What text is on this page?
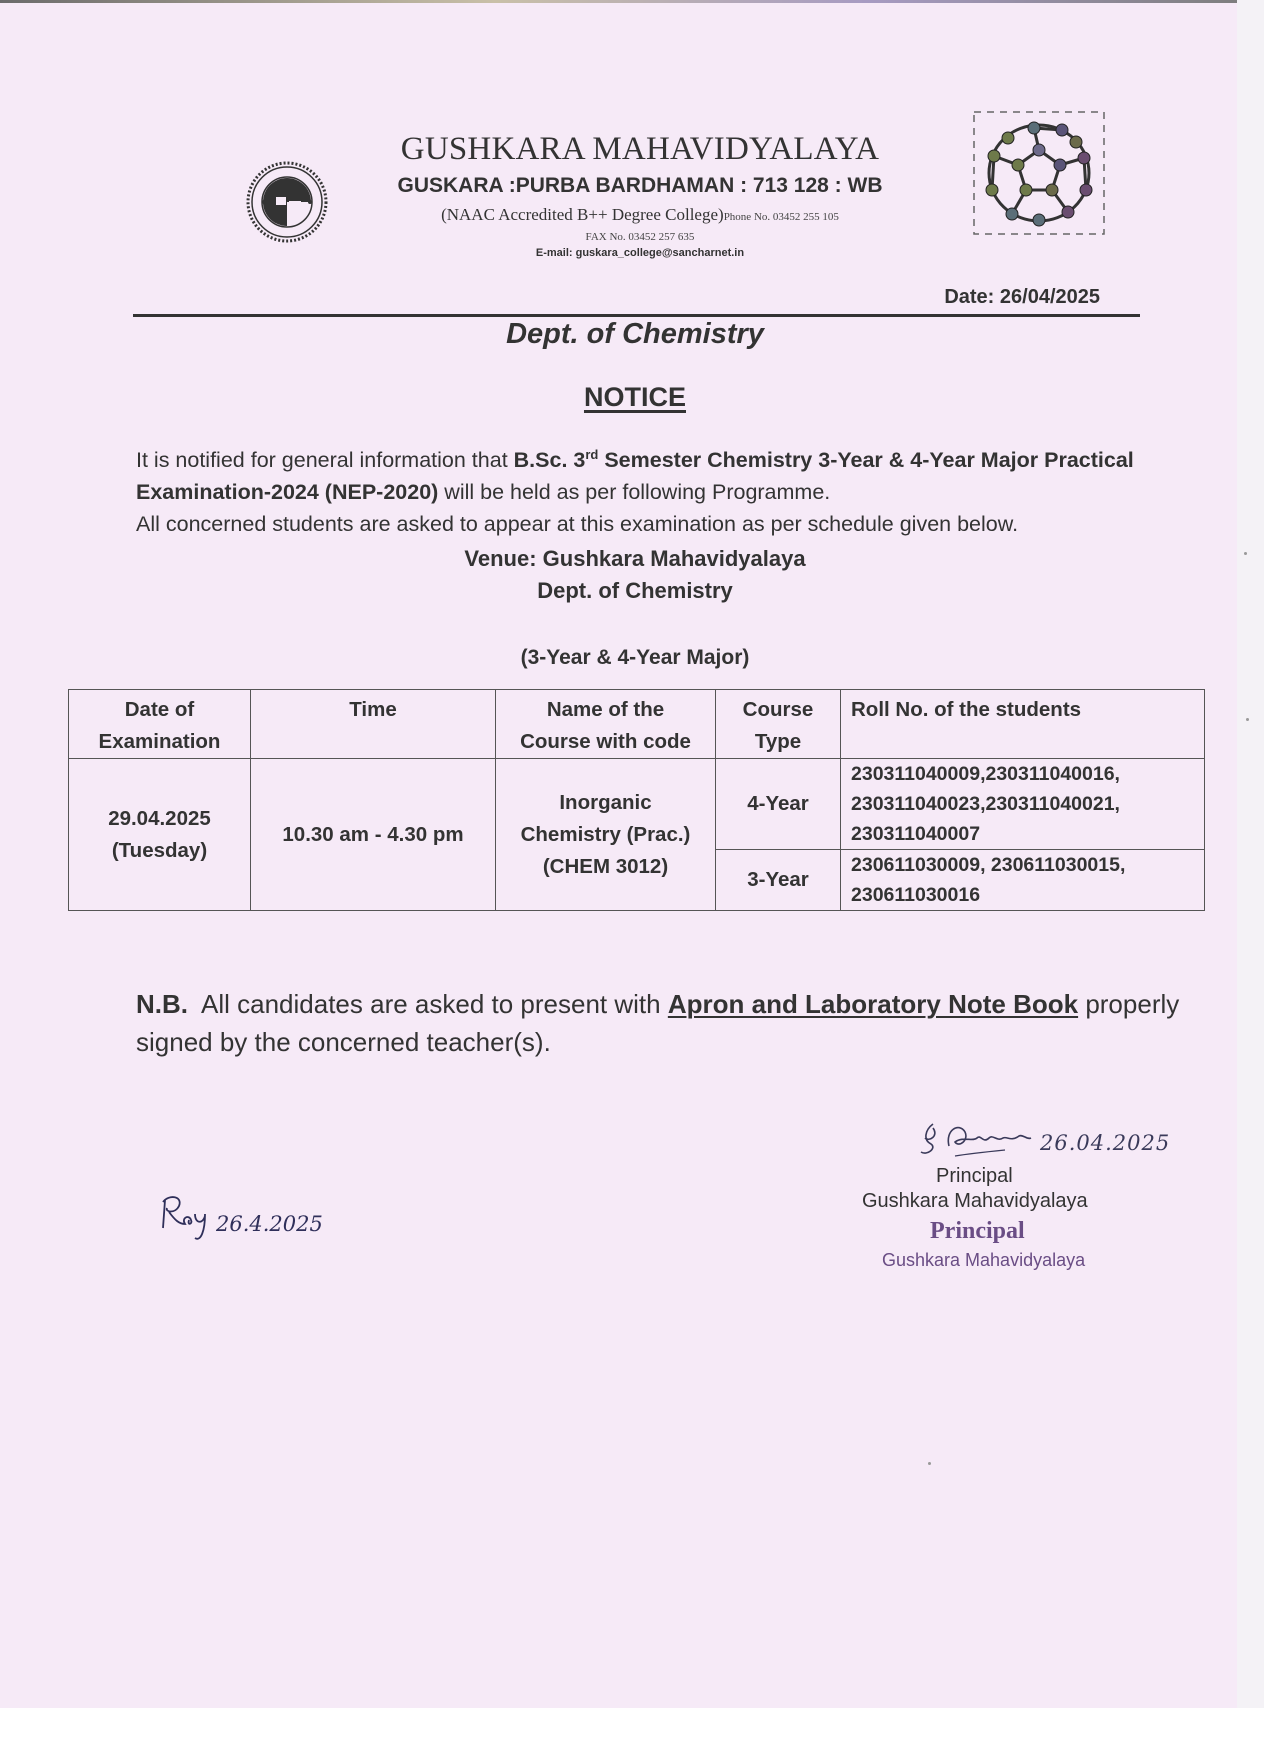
GUSHKARA MAHAVIDYALAYA
GUSKARA :PURBA BARDHAMAN : 713 128 : WB
(NAAC Accredited B++ Degree College)Phone No. 03452 255 105
FAX No. 03452 257 635
E-mail: guskara_college@sancharnet.in
Date: 26/04/2025
Dept. of Chemistry
NOTICE
It is notified for general information that B.Sc. 3rd Semester Chemistry 3-Year & 4-Year Major Practical Examination-2024 (NEP-2020) will be held as per following Programme.
All concerned students are asked to appear at this examination as per schedule given below.
Venue: Gushkara Mahavidyalaya
Dept. of Chemistry
(3-Year & 4-Year Major)
Date of
Examination	Time	Name of the
Course with code	Course
Type	Roll No. of the students
29.04.2025
(Tuesday)	10.30 am - 4.30 pm	Inorganic
Chemistry (Prac.)
(CHEM 3012)	4-Year	230311040009,230311040016,
230311040023,230311040021,
230311040007
3-Year	230611030009, 230611030015,
230611030016
N.B.  All candidates are asked to present with Apron and Laboratory Note Book properly signed by the concerned teacher(s).
26.04.2025
Principal
Gushkara Mahavidyalaya
Principal
Gushkara Mahavidyalaya
26.4.2025
